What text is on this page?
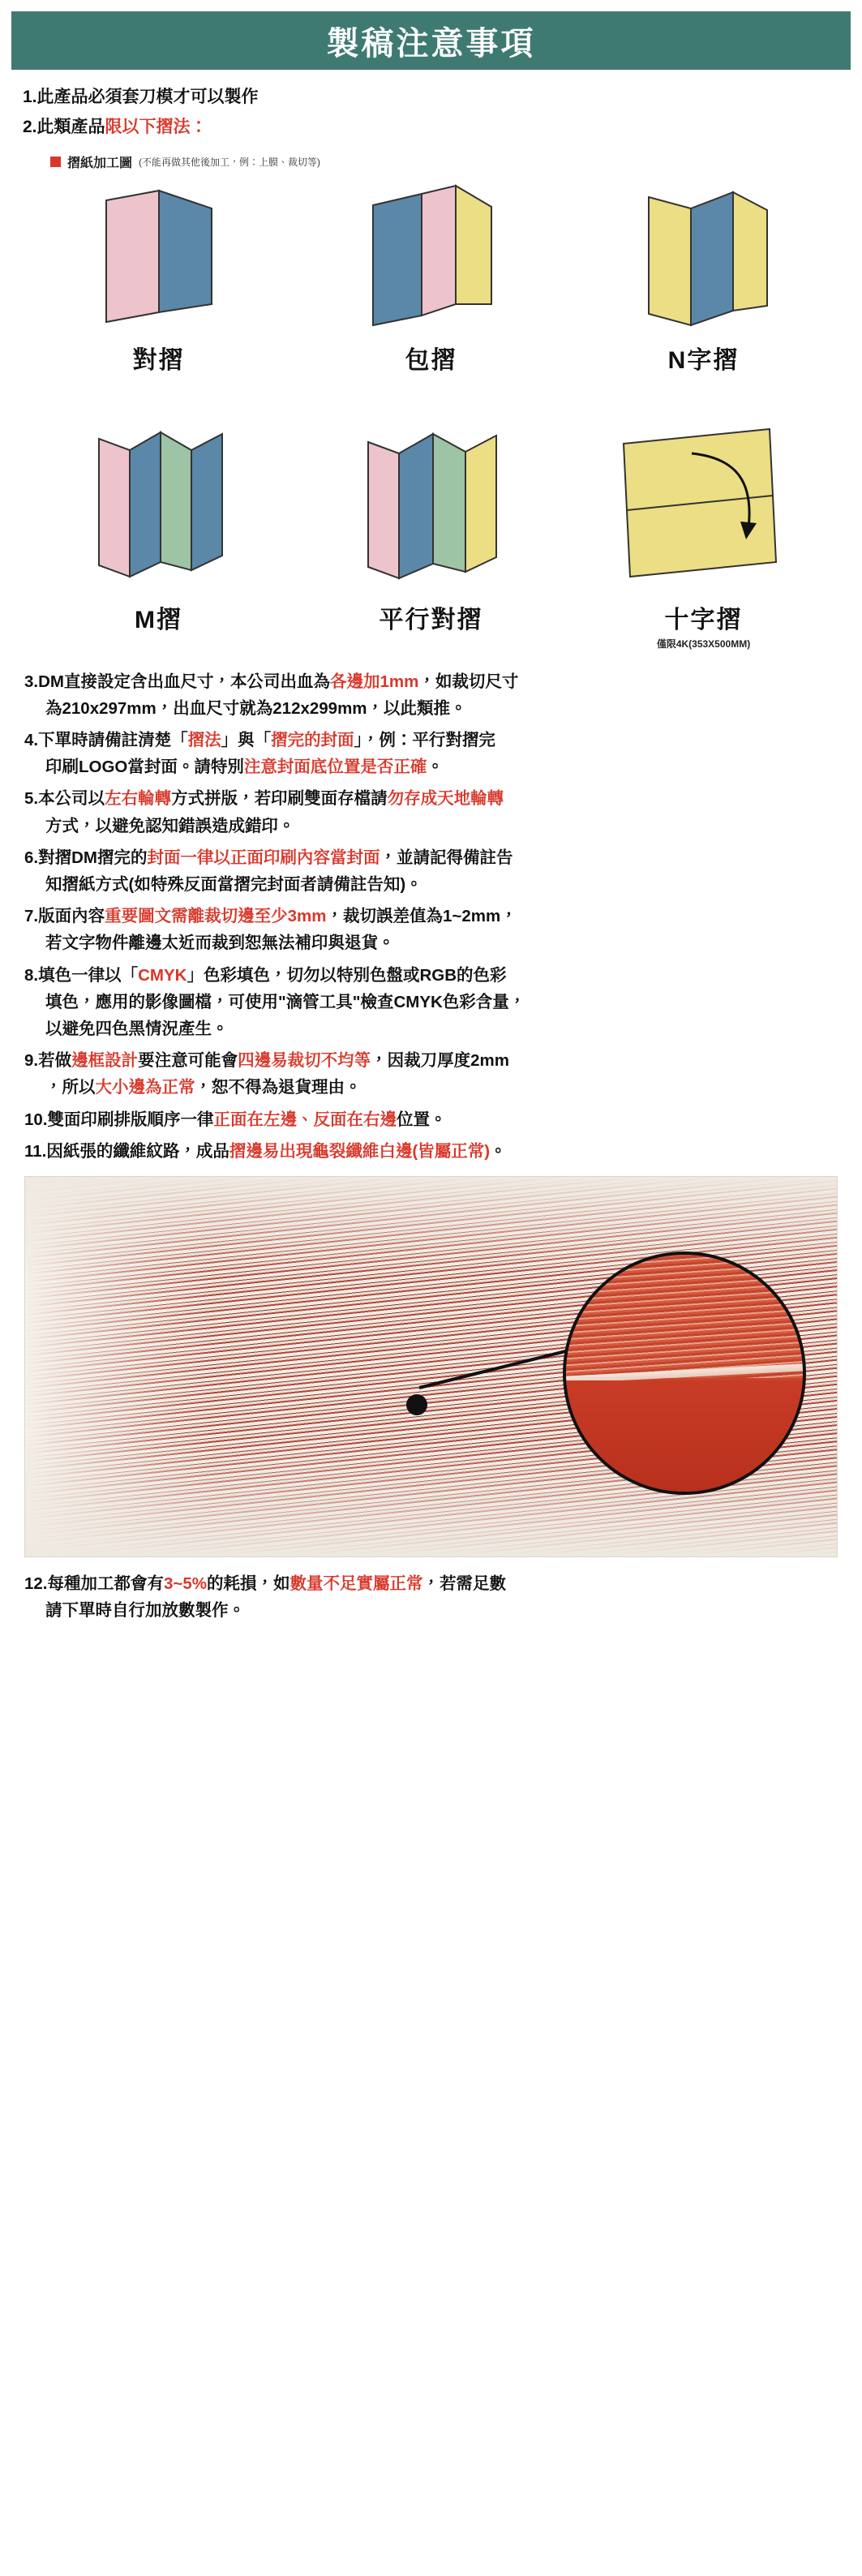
製稿注意事項
1.此產品必須套刀模才可以製作
2.此類產品限以下摺法：
摺紙加工圖 (不能再做其他後加工，例：上膜、裁切等)
對摺	包摺	N字摺
M摺	平行對摺	十字摺
僅限4K(353X500MM)
3.DM直接設定含出血尺寸，本公司出血為各邊加1mm，如裁切尺寸
為210x297mm，出血尺寸就為212x299mm，以此類推。
4.下單時請備註清楚「摺法」與「摺完的封面」，例：平行對摺完
印刷LOGO當封面。請特別注意封面底位置是否正確。
5.本公司以左右輪轉方式拼版，若印刷雙面存檔請勿存成天地輪轉
方式，以避免認知錯誤造成錯印。
6.對摺DM摺完的封面一律以正面印刷內容當封面，並請記得備註告
知摺紙方式(如特殊反面當摺完封面者請備註告知)。
7.版面內容重要圖文需離裁切邊至少3mm，裁切誤差值為1~2mm，
若文字物件離邊太近而裁到恕無法補印與退貨。
8.填色一律以「CMYK」色彩填色，切勿以特別色盤或RGB的色彩
填色，應用的影像圖檔，可使用"滴管工具"檢查CMYK色彩含量，
以避免四色黑情況產生。
9.若做邊框設計要注意可能會四邊易裁切不均等，因裁刀厚度2mm
，所以大小邊為正常，恕不得為退貨理由。
10.雙面印刷排版順序一律正面在左邊、反面在右邊位置。
11.因紙張的纖維紋路，成品摺邊易出現龜裂纖維白邊(皆屬正常)。
12.每種加工都會有3~5%的耗損，如數量不足實屬正常，若需足數
請下單時自行加放數製作。
